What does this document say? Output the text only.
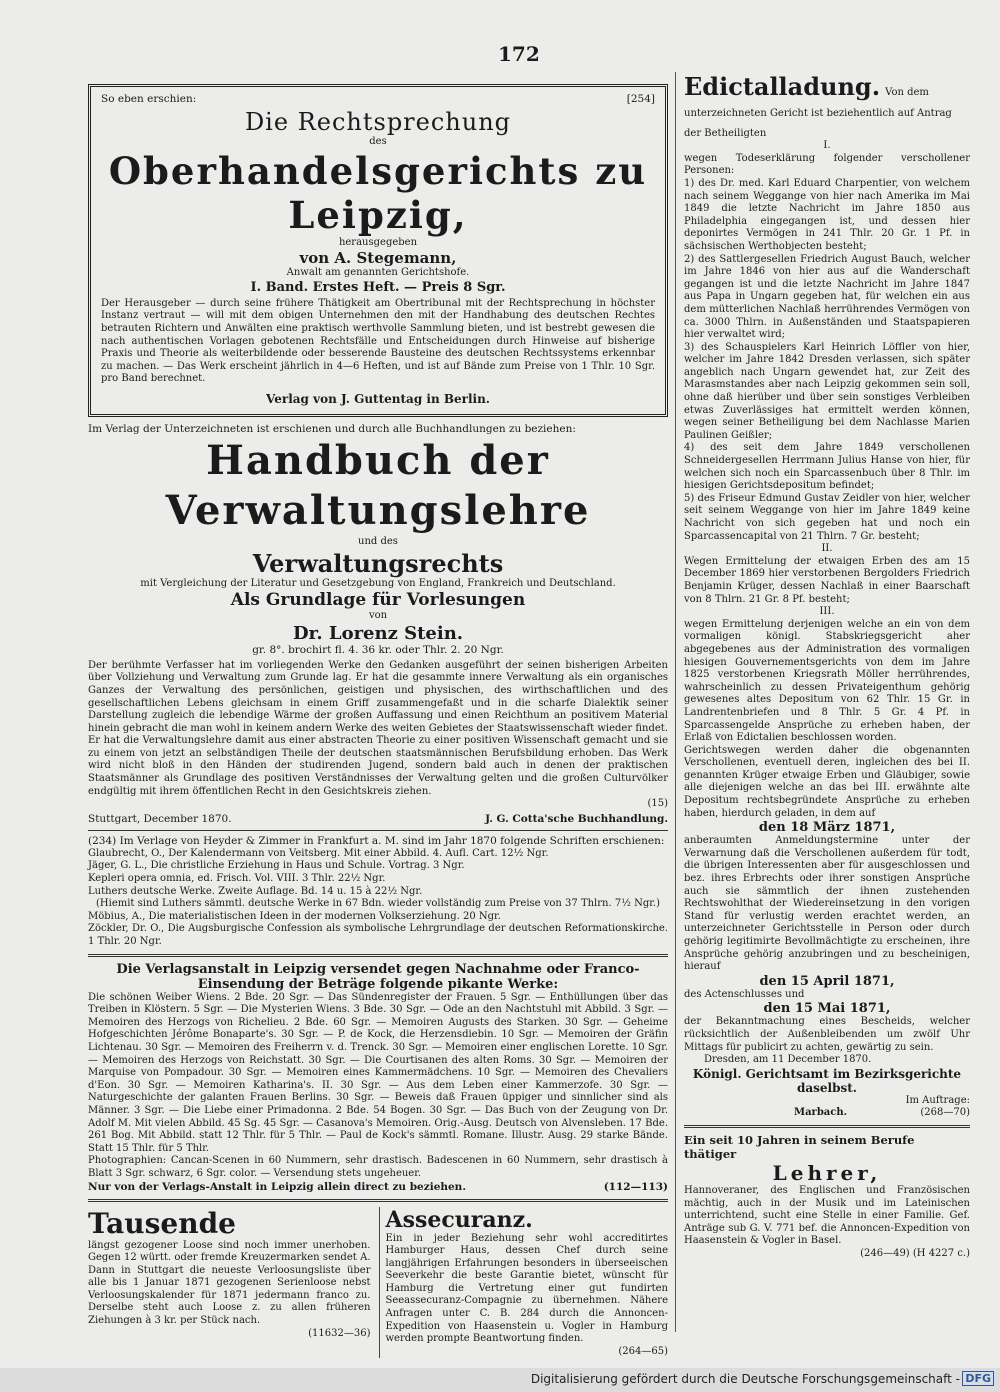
172
So eben erschien:	[254]
Die Rechtsprechung
des
Oberhandelsgerichts zu Leipzig,
herausgegeben
von A. Stegemann,
Anwalt am genannten Gerichtshofe.
I. Band. Erstes Heft. — Preis 8 Sgr.

Der Herausgeber — durch seine frühere Thätigkeit am Obertribunal mit der Rechtsprechung in höchster Instanz vertraut — will mit dem obigen Unternehmen den mit der Handhabung des deutschen Rechtes betrauten Richtern und Anwälten eine praktisch werthvolle Sammlung bieten, und ist bestrebt gewesen die nach authentischen Vorlagen gebotenen Rechtsfälle und Entscheidungen durch Hinweise auf bisherige Praxis und Theorie als weiterbildende oder besserende Bausteine des deutschen Rechtssystems erkennbar zu machen. — Das Werk erscheint jährlich in 4—6 Heften, und ist auf Bände zum Preise von 1 Thlr. 10 Sgr. pro Band berechnet.

Verlag von J. Guttentag in Berlin.

Im Verlag der Unterzeichneten ist erschienen und durch alle Buchhandlungen zu beziehen:

Handbuch der Verwaltungslehre
und des
Verwaltungsrechts
mit Vergleichung der Literatur und Gesetzgebung von England, Frankreich und Deutschland.
Als Grundlage für Vorlesungen
von
Dr. Lorenz Stein.
gr. 8°. brochirt fl. 4. 36 kr. oder Thlr. 2. 20 Ngr.

Der berühmte Verfasser hat im vorliegenden Werke den Gedanken ausgeführt der seinen bisherigen Arbeiten über Vollziehung und Verwaltung zum Grunde lag. Er hat die gesammte innere Verwaltung als ein organisches Ganzes der Verwaltung des persönlichen, geistigen und physischen, des wirthschaftlichen und des gesellschaftlichen Lebens gleichsam in einem Griff zusammengefaßt und in die scharfe Dialektik seiner Darstellung zugleich die lebendige Wärme der großen Auffassung und einen Reichthum an positivem Material hinein gebracht die man wohl in keinem andern Werke des weiten Gebietes der Staatswissenschaft wieder findet. Er hat die Verwaltungslehre damit aus einer abstracten Theorie zu einer positiven Wissenschaft gemacht und sie zu einem von jetzt an selbständigen Theile der deutschen staatsmännischen Berufsbildung erhoben. Das Werk wird nicht bloß in den Händen der studirenden Jugend, sondern bald auch in denen der praktischen Staatsmänner als Grundlage des positiven Verständnisses der Verwaltung gelten und die großen Culturvölker endgültig mit ihrem öffentlichen Recht in den Gesichtskreis ziehen.

(15)
Stuttgart, December 1870.	J. G. Cotta'sche Buchhandlung.

(234) Im Verlage von Heyder & Zimmer in Frankfurt a. M. sind im Jahr 1870 folgende Schriften erschienen:

Glaubrecht, O., Der Kalendermann von Veitsberg. Mit einer Abbild. 4. Aufl. Cart. 12½ Ngr.

Jäger, G. L., Die christliche Erziehung in Haus und Schule. Vortrag. 3 Ngr.

Kepleri opera omnia, ed. Frisch. Vol. VIII. 3 Thlr. 22½ Ngr.

Luthers deutsche Werke. Zweite Auflage. Bd. 14 u. 15 à 22½ Ngr.

(Hiemit sind Luthers sämmtl. deutsche Werke in 67 Bdn. wieder vollständig zum Preise von 37 Thlrn. 7½ Ngr.)

Möbius, A., Die materialistischen Ideen in der modernen Volkserziehung. 20 Ngr.

Zöckler, Dr. O., Die Augsburgische Confession als symbolische Lehrgrundlage der deutschen Reformationskirche. 1 Thlr. 20 Ngr.

Die Verlagsanstalt in Leipzig versendet gegen Nachnahme oder Franco-Einsendung der Beträge folgende pikante Werke:

Die schönen Weiber Wiens. 2 Bde. 20 Sgr. — Das Sündenregister der Frauen. 5 Sgr. — Enthüllungen über das Treiben in Klöstern. 5 Sgr. — Die Mysterien Wiens. 3 Bde. 30 Sgr. — Ode an den Nachtstuhl mit Abbild. 3 Sgr. — Memoiren des Herzogs von Richelieu. 2 Bde. 60 Sgr. — Memoiren Augusts des Starken. 30 Sgr. — Geheime Hofgeschichten Jérôme Bonaparte's. 30 Sgr. — P. de Kock, die Herzensdiebin. 10 Sgr. — Memoiren der Gräfin Lichtenau. 30 Sgr. — Memoiren des Freiherrn v. d. Trenck. 30 Sgr. — Memoiren einer englischen Lorette. 10 Sgr. — Memoiren des Herzogs von Reichstatt. 30 Sgr. — Die Courtisanen des alten Roms. 30 Sgr. — Memoiren der Marquise von Pompadour. 30 Sgr. — Memoiren eines Kammermädchens. 10 Sgr. — Memoiren des Chevaliers d'Eon. 30 Sgr. — Memoiren Katharina's. II. 30 Sgr. — Aus dem Leben einer Kammerzofe. 30 Sgr. — Naturgeschichte der galanten Frauen Berlins. 30 Sgr. — Beweis daß Frauen üppiger und sinnlicher sind als Männer. 3 Sgr. — Die Liebe einer Primadonna. 2 Bde. 54 Bogen. 30 Sgr. — Das Buch von der Zeugung von Dr. Adolf M. Mit vielen Abbild. 45 Sg. 45 Sgr. — Casanova's Memoiren. Orig.-Ausg. Deutsch von Alvensleben. 17 Bde. 261 Bog. Mit Abbild. statt 12 Thlr. für 5 Thlr. — Paul de Kock's sämmtl. Romane. Illustr. Ausg. 29 starke Bände. Statt 15 Thlr. für 5 Thlr.

Photographien: Cancan-Scenen in 60 Nummern, sehr drastisch. Badescenen in 60 Nummern, sehr drastisch à Blatt 3 Sgr. schwarz, 6 Sgr. color. — Versendung stets ungeheuer.

Nur von der Verlags-Anstalt in Leipzig allein direct zu beziehen.	(112—113)
Tausende

längst gezogener Loose sind noch immer unerhoben. Gegen 12 württ. oder fremde Kreuzermarken sendet A. Dann in Stuttgart die neueste Verloosungsliste über alle bis 1 Januar 1871 gezogenen Serienloose nebst Verloosungskalender für 1871 jedermann franco zu. Derselbe steht auch Loose z. zu allen früheren Ziehungen à 3 kr. per Stück nach.

(11632—36)
Assecuranz.

Ein in jeder Beziehung sehr wohl accreditirtes Hamburger Haus, dessen Chef durch seine langjährigen Erfahrungen besonders in überseeischen Seeverkehr die beste Garantie bietet, wünscht für Hamburg die Vertretung einer gut fundirten Seeassecuranz-Compagnie zu übernehmen. Nähere Anfragen unter C. B. 284 durch die Annoncen-Expedition von Haasenstein u. Vogler in Hamburg werden prompte Beantwortung finden.

(264—65)
Edictalladung. Von dem unterzeichneten Gericht ist beziehentlich auf Antrag der Betheiligten
I.

wegen Todeserklärung folgender verschollener Personen:

1) des Dr. med. Karl Eduard Charpentier, von welchem nach seinem Weggange von hier nach Amerika im Mai 1849 die letzte Nachricht im Jahre 1850 aus Philadelphia eingegangen ist, und dessen hier deponirtes Vermögen in 241 Thlr. 20 Gr. 1 Pf. in sächsischen Werthobjecten besteht;

2) des Sattlergesellen Friedrich August Bauch, welcher im Jahre 1846 von hier aus auf die Wanderschaft gegangen ist und die letzte Nachricht im Jahre 1847 aus Papa in Ungarn gegeben hat, für welchen ein aus dem mütterlichen Nachlaß herrührendes Vermögen von ca. 3000 Thlrn. in Außenständen und Staatspapieren hier verwaltet wird;

3) des Schauspielers Karl Heinrich Löffler von hier, welcher im Jahre 1842 Dresden verlassen, sich später angeblich nach Ungarn gewendet hat, zur Zeit des Marasmstandes aber nach Leipzig gekommen sein soll, ohne daß hierüber und über sein sonstiges Verbleiben etwas Zuverlässiges hat ermittelt werden können, wegen seiner Betheiligung bei dem Nachlasse Marien Paulinen Geißler;

4) des seit dem Jahre 1849 verschollenen Schneidergesellen Herrmann Julius Hanse von hier, für welchen sich noch ein Sparcassenbuch über 8 Thlr. im hiesigen Gerichtsdepositum befindet;

5) des Friseur Edmund Gustav Zeidler von hier, welcher seit seinem Weggange von hier im Jahre 1849 keine Nachricht von sich gegeben hat und noch ein Sparcassencapital von 21 Thlrn. 7 Gr. besteht;

II.

Wegen Ermittelung der etwaigen Erben des am 15 December 1869 hier verstorbenen Bergolders Friedrich Benjamin Krüger, dessen Nachlaß in einer Baarschaft von 8 Thlrn. 21 Gr. 8 Pf. besteht;

III.

wegen Ermittelung derjenigen welche an ein von dem vormaligen königl. Stabskriegsgericht aher abgegebenes aus der Administration des vormaligen hiesigen Gouvernementsgerichts von dem im Jahre 1825 verstorbenen Kriegsrath Möller herrührendes, wahrscheinlich zu dessen Privateigenthum gehörig gewesenes altes Depositum von 62 Thlr. 15 Gr. in Landrentenbriefen und 8 Thlr. 5 Gr. 4 Pf. in Sparcassengelde Ansprüche zu erheben haben, der Erlaß von Edictalien beschlossen worden.

Gerichtswegen werden daher die obgenannten Verschollenen, eventuell deren, ingleichen des bei II. genannten Krüger etwaige Erben und Gläubiger, sowie alle diejenigen welche an das bei III. erwähnte alte Depositum rechtsbegründete Ansprüche zu erheben haben, hierdurch geladen, in dem auf

den 18 März 1871,

anberaumten Anmeldungstermine unter der Verwarnung daß die Verschollenen außerdem für todt, die übrigen Interessenten aber für ausgeschlossen und bez. ihres Erbrechts oder ihrer sonstigen Ansprüche auch sie sämmtlich der ihnen zustehenden Rechtswohlthat der Wiedereinsetzung in den vorigen Stand für verlustig werden erachtet werden, an unterzeichneter Gerichtsstelle in Person oder durch gehörig legitimirte Bevollmächtigte zu erscheinen, ihre Ansprüche gehörig anzubringen und zu bescheinigen, hierauf

den 15 April 1871,
des Actenschlusses und
den 15 Mai 1871,

der Bekanntmachung eines Bescheids, welcher rücksichtlich der Außenbleibenden um zwölf Uhr Mittags für publicirt zu achten, gewärtig zu sein.

Dresden, am 11 December 1870.
Königl. Gerichtsamt im Bezirksgerichte daselbst.
Im Auftrage:
Marbach.	(268—70)

Ein seit 10 Jahren in seinem Berufe thätiger

Lehrer,

Hannoveraner, des Englischen und Französischen mächtig, auch in der Musik und im Lateinischen unterrichtend, sucht eine Stelle in einer Familie. Gef. Anträge sub G. V. 771 bef. die Annoncen-Expedition von Haasenstein & Vogler in Basel.

(246—49) (H 4227 c.)
Digitalisierung gefördert durch die Deutsche Forschungsgemeinschaft - DFG
